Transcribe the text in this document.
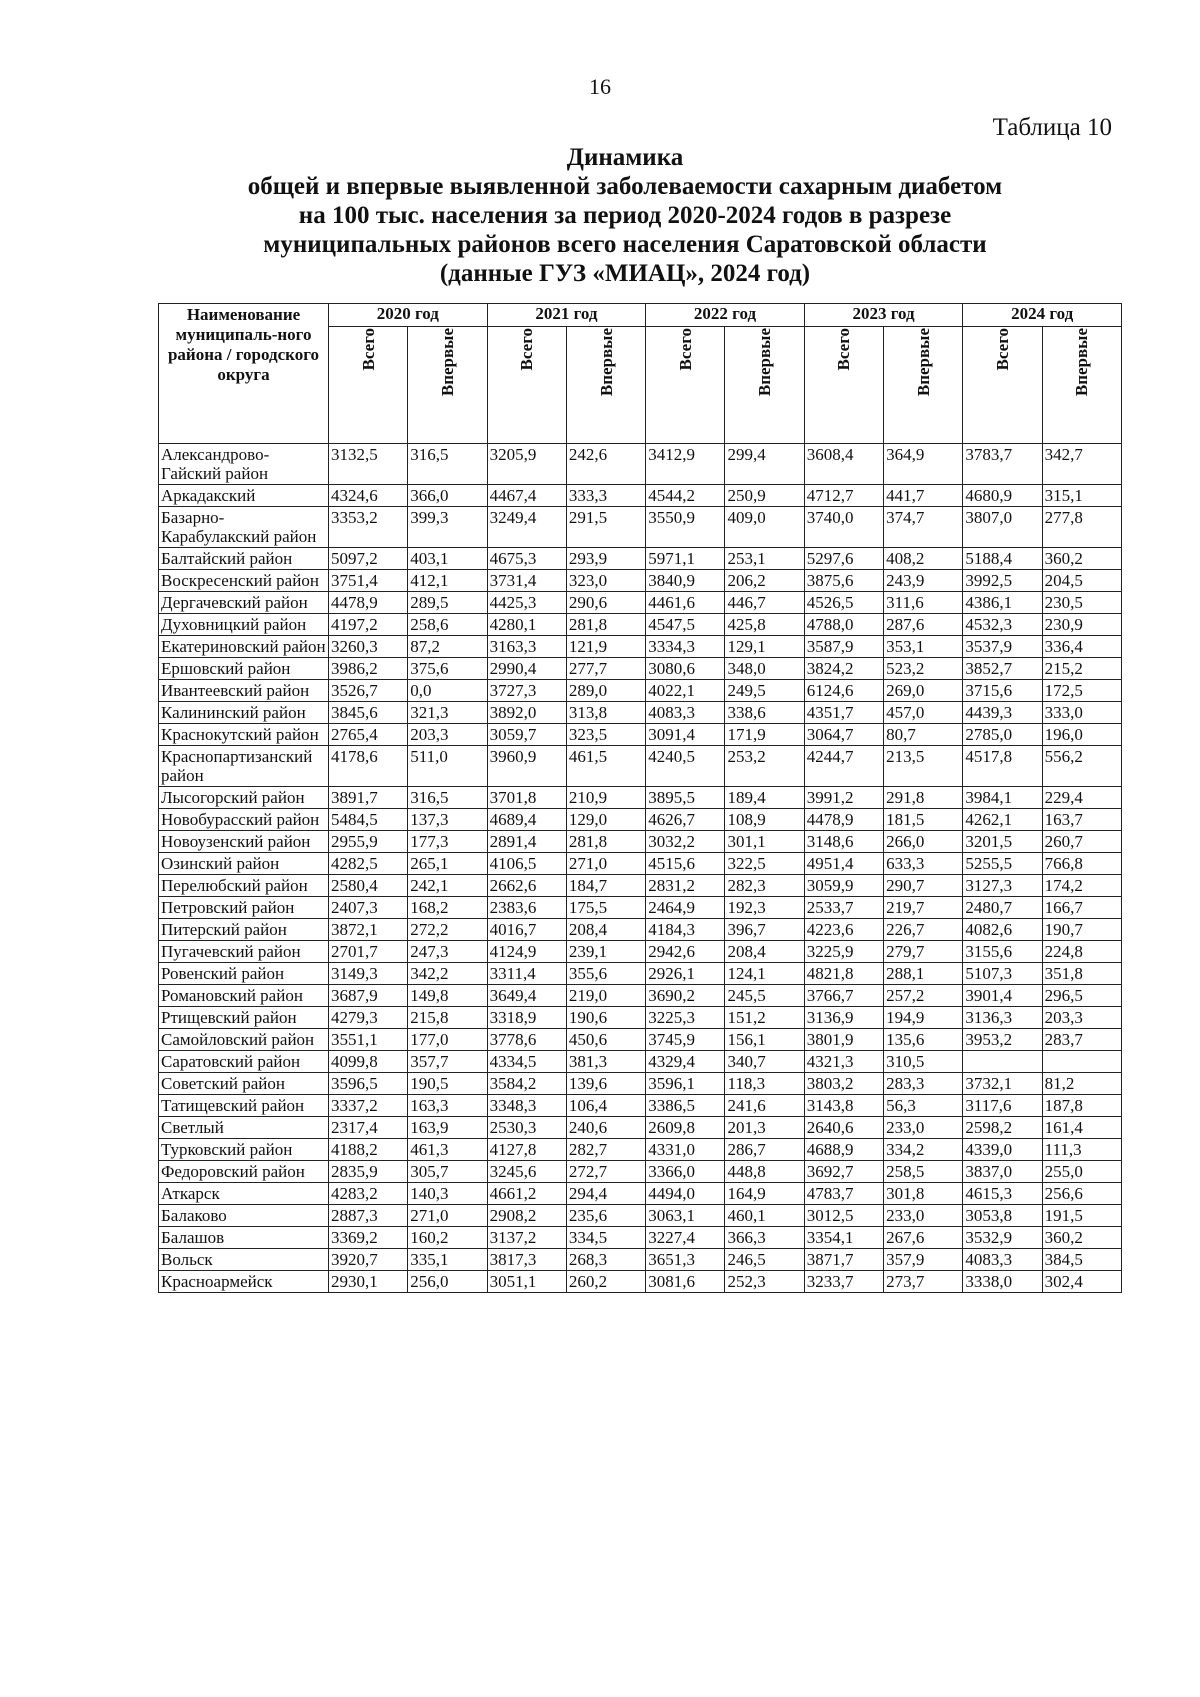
16
Таблица 10
Динамика
общей и впервые выявленной заболеваемости сахарным диабетом
на 100 тыс. населения за период 2020-2024 годов в разрезе
муниципальных районов всего населения Саратовской области
(данные ГУЗ «МИАЦ», 2024 год)
Наименование муниципаль-ного района / городского округа	2020 год		2021 год		2022 год		2023 год		2024 год	

	Всего	Впервые	Всего	Впервые	Всего	Впервые	Всего	Впервые	Всего	Впервые

Александрово-Гайский район	3132,5	316,5	3205,9	242,6	3412,9	299,4	3608,4	364,9	3783,7	342,7
Аркадакский	4324,6	366,0	4467,4	333,3	4544,2	250,9	4712,7	441,7	4680,9	315,1
Базарно-Карабулакский район	3353,2	399,3	3249,4	291,5	3550,9	409,0	3740,0	374,7	3807,0	277,8
Балтайский район	5097,2	403,1	4675,3	293,9	5971,1	253,1	5297,6	408,2	5188,4	360,2
Воскресенский район	3751,4	412,1	3731,4	323,0	3840,9	206,2	3875,6	243,9	3992,5	204,5
Дергачевский район	4478,9	289,5	4425,3	290,6	4461,6	446,7	4526,5	311,6	4386,1	230,5
Духовницкий район	4197,2	258,6	4280,1	281,8	4547,5	425,8	4788,0	287,6	4532,3	230,9
Екатериновский район	3260,3	87,2	3163,3	121,9	3334,3	129,1	3587,9	353,1	3537,9	336,4
Ершовский район	3986,2	375,6	2990,4	277,7	3080,6	348,0	3824,2	523,2	3852,7	215,2
Ивантеевский район	3526,7	0,0	3727,3	289,0	4022,1	249,5	6124,6	269,0	3715,6	172,5
Калининский район	3845,6	321,3	3892,0	313,8	4083,3	338,6	4351,7	457,0	4439,3	333,0
Краснокутский район	2765,4	203,3	3059,7	323,5	3091,4	171,9	3064,7	80,7	2785,0	196,0
Краснопартизанский район	4178,6	511,0	3960,9	461,5	4240,5	253,2	4244,7	213,5	4517,8	556,2
Лысогорский район	3891,7	316,5	3701,8	210,9	3895,5	189,4	3991,2	291,8	3984,1	229,4
Новобурасский район	5484,5	137,3	4689,4	129,0	4626,7	108,9	4478,9	181,5	4262,1	163,7
Новоузенский район	2955,9	177,3	2891,4	281,8	3032,2	301,1	3148,6	266,0	3201,5	260,7
Озинский район	4282,5	265,1	4106,5	271,0	4515,6	322,5	4951,4	633,3	5255,5	766,8
Перелюбский район	2580,4	242,1	2662,6	184,7	2831,2	282,3	3059,9	290,7	3127,3	174,2
Петровский район	2407,3	168,2	2383,6	175,5	2464,9	192,3	2533,7	219,7	2480,7	166,7
Питерский район	3872,1	272,2	4016,7	208,4	4184,3	396,7	4223,6	226,7	4082,6	190,7
Пугачевский район	2701,7	247,3	4124,9	239,1	2942,6	208,4	3225,9	279,7	3155,6	224,8
Ровенский район	3149,3	342,2	3311,4	355,6	2926,1	124,1	4821,8	288,1	5107,3	351,8
Романовский район	3687,9	149,8	3649,4	219,0	3690,2	245,5	3766,7	257,2	3901,4	296,5
Ртищевский район	4279,3	215,8	3318,9	190,6	3225,3	151,2	3136,9	194,9	3136,3	203,3
Самойловский район	3551,1	177,0	3778,6	450,6	3745,9	156,1	3801,9	135,6	3953,2	283,7
Саратовский район	4099,8	357,7	4334,5	381,3	4329,4	340,7	4321,3	310,5		
Советский район	3596,5	190,5	3584,2	139,6	3596,1	118,3	3803,2	283,3	3732,1	81,2
Татищевский район	3337,2	163,3	3348,3	106,4	3386,5	241,6	3143,8	56,3	3117,6	187,8
Светлый	2317,4	163,9	2530,3	240,6	2609,8	201,3	2640,6	233,0	2598,2	161,4
Турковский район	4188,2	461,3	4127,8	282,7	4331,0	286,7	4688,9	334,2	4339,0	111,3
Федоровский район	2835,9	305,7	3245,6	272,7	3366,0	448,8	3692,7	258,5	3837,0	255,0
Аткарск	4283,2	140,3	4661,2	294,4	4494,0	164,9	4783,7	301,8	4615,3	256,6
Балаково	2887,3	271,0	2908,2	235,6	3063,1	460,1	3012,5	233,0	3053,8	191,5
Балашов	3369,2	160,2	3137,2	334,5	3227,4	366,3	3354,1	267,6	3532,9	360,2
Вольск	3920,7	335,1	3817,3	268,3	3651,3	246,5	3871,7	357,9	4083,3	384,5
Красноармейск	2930,1	256,0	3051,1	260,2	3081,6	252,3	3233,7	273,7	3338,0	302,4
